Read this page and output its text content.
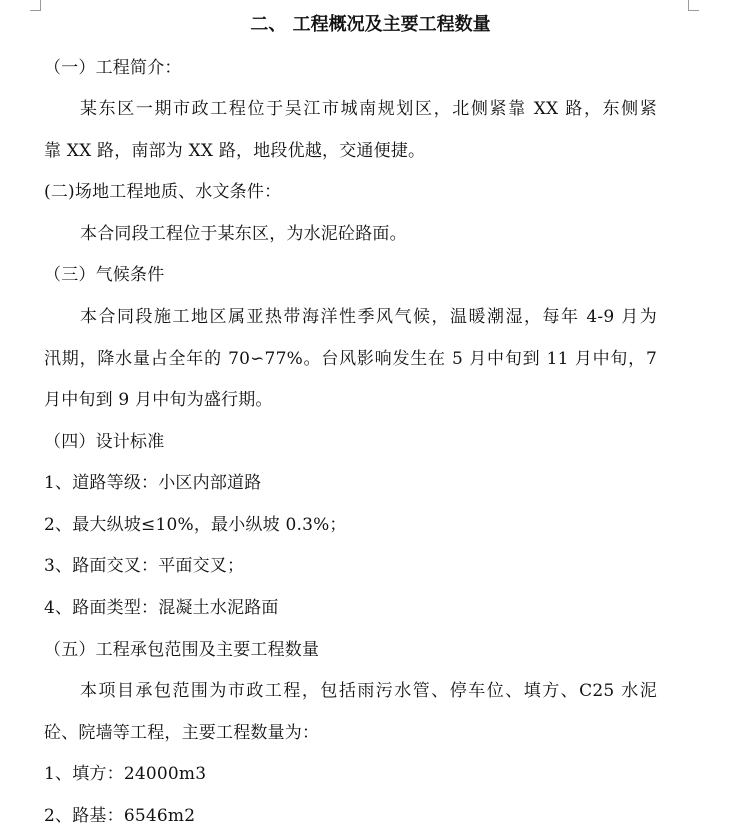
二、 工程概况及主要工程数量
（一）工程简介：
某东区一期市政工程位于吴江市城南规划区，北侧紧靠 XX 路，东侧紧
靠 XX 路，南部为 XX 路，地段优越，交通便捷。
(二)场地工程地质、水文条件：
本合同段工程位于某东区，为水泥砼路面。
（三）气候条件
本合同段施工地区属亚热带海洋性季风气候，温暖潮湿，每年 4-9 月为
汛期，降水量占全年的 70∽77%。台风影响发生在 5 月中旬到 11 月中旬，7
月中旬到 9 月中旬为盛行期。
（四）设计标准
1、道路等级：小区内部道路
2、最大纵坡≤10%，最小纵坡 0.3%；
3、路面交叉：平面交叉；
4、路面类型：混凝土水泥路面
（五）工程承包范围及主要工程数量
本项目承包范围为市政工程，包括雨污水管、停车位、填方、C25 水泥
砼、院墙等工程，主要工程数量为：
1、填方：24000m3
2、路基：6546m2
